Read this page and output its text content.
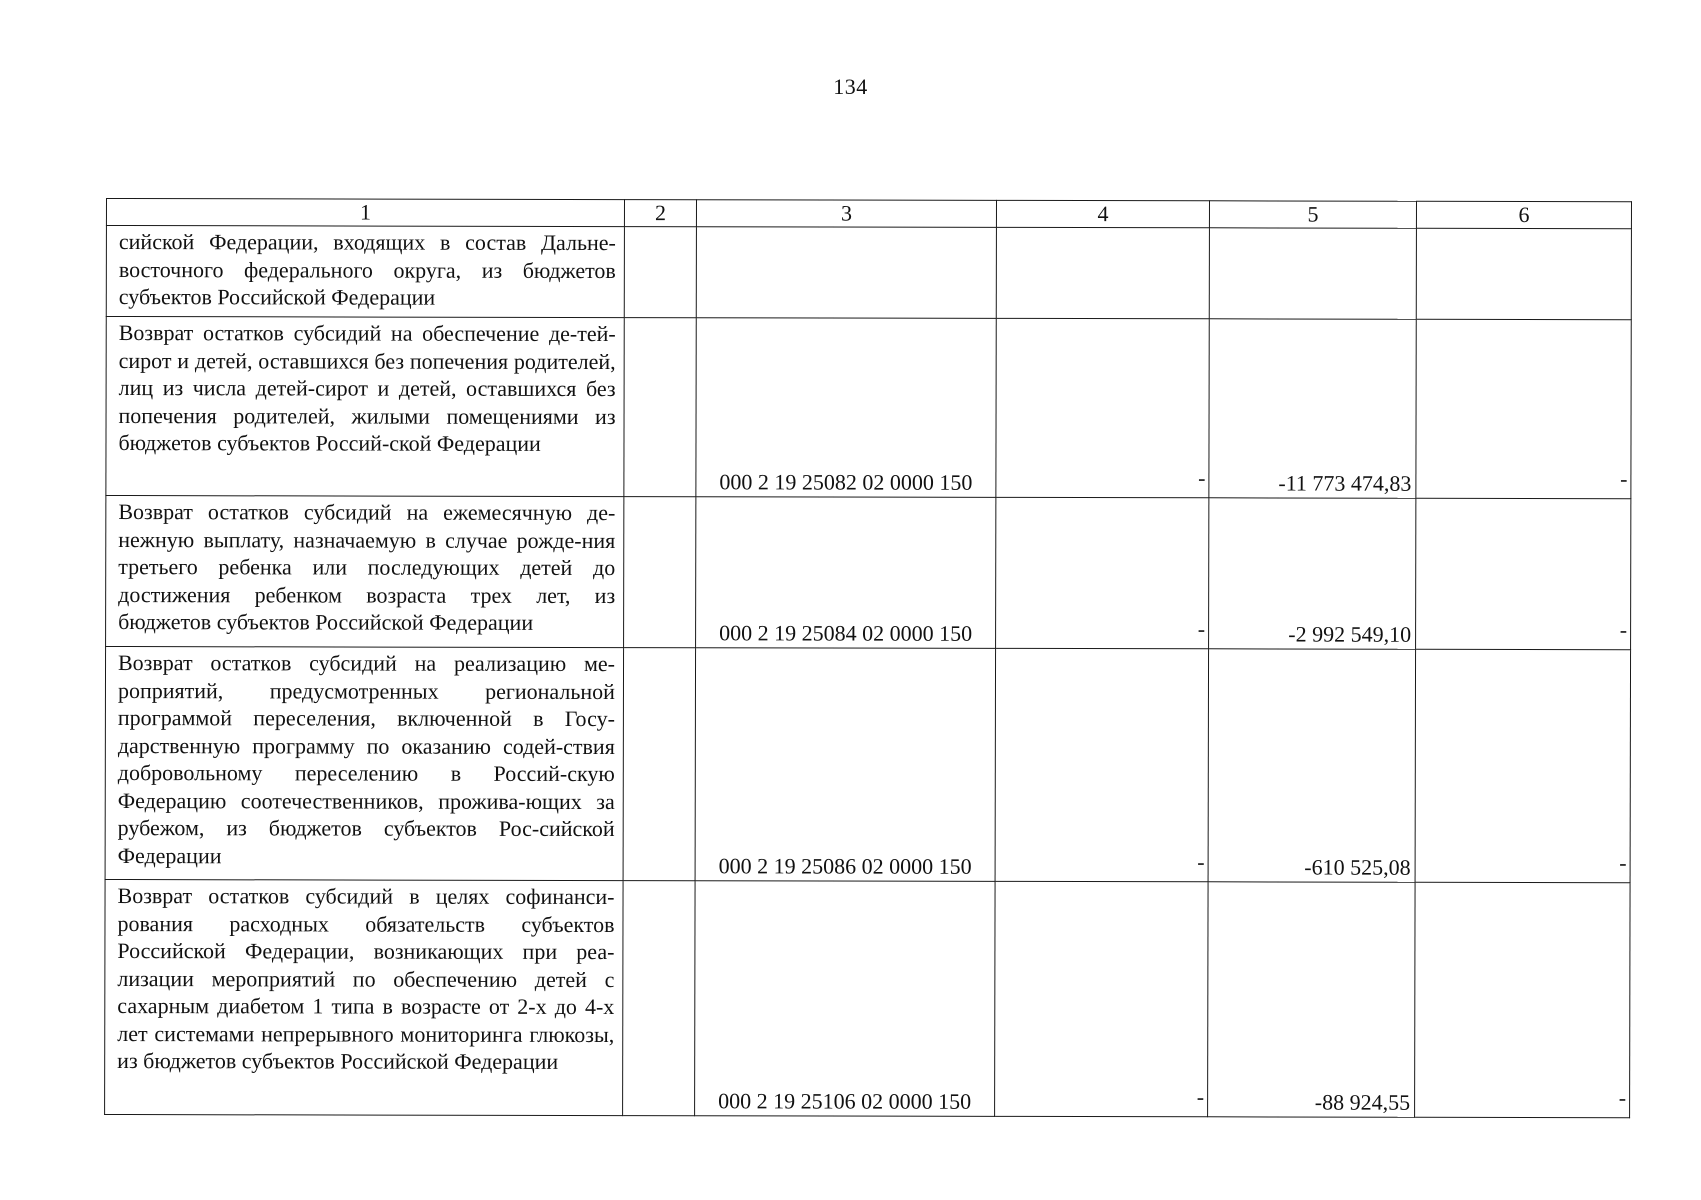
134
1	2	3	4	5	6
сийской Федерации, входящих в состав Дальне-восточного федерального округа, из бюджетов субъектов Российской Федерации					
Возврат остатков субсидий на обеспечение де-тей-сирот и детей, оставшихся без попечения родителей, лиц из числа детей-сирот и детей, оставшихся без попечения родителей, жилыми помещениями из бюджетов субъектов Россий-ской Федерации		000 2 19 25082 02 0000 150	-	-11 773 474,83	-
Возврат остатков субсидий на ежемесячную де-нежную выплату, назначаемую в случае рожде-ния третьего ребенка или последующих детей до достижения ребенком возраста трех лет, из бюджетов субъектов Российской Федерации		000 2 19 25084 02 0000 150	-	-2 992 549,10	-
Возврат остатков субсидий на реализацию ме-роприятий, предусмотренных региональной программой переселения, включенной в Госу-дарственную программу по оказанию содей-ствия добровольному переселению в Россий-скую Федерацию соотечественников, прожива-ющих за рубежом, из бюджетов субъектов Рос-сийской Федерации		000 2 19 25086 02 0000 150	-	-610 525,08	-
Возврат остатков субсидий в целях софинанси-рования расходных обязательств субъектов Российской Федерации, возникающих при реа-лизации мероприятий по обеспечению детей с сахарным диабетом 1 типа в возрасте от 2-х до 4-х лет системами непрерывного мониторинга глюкозы, из бюджетов субъектов Российской Федерации		000 2 19 25106 02 0000 150	-	-88 924,55	-
